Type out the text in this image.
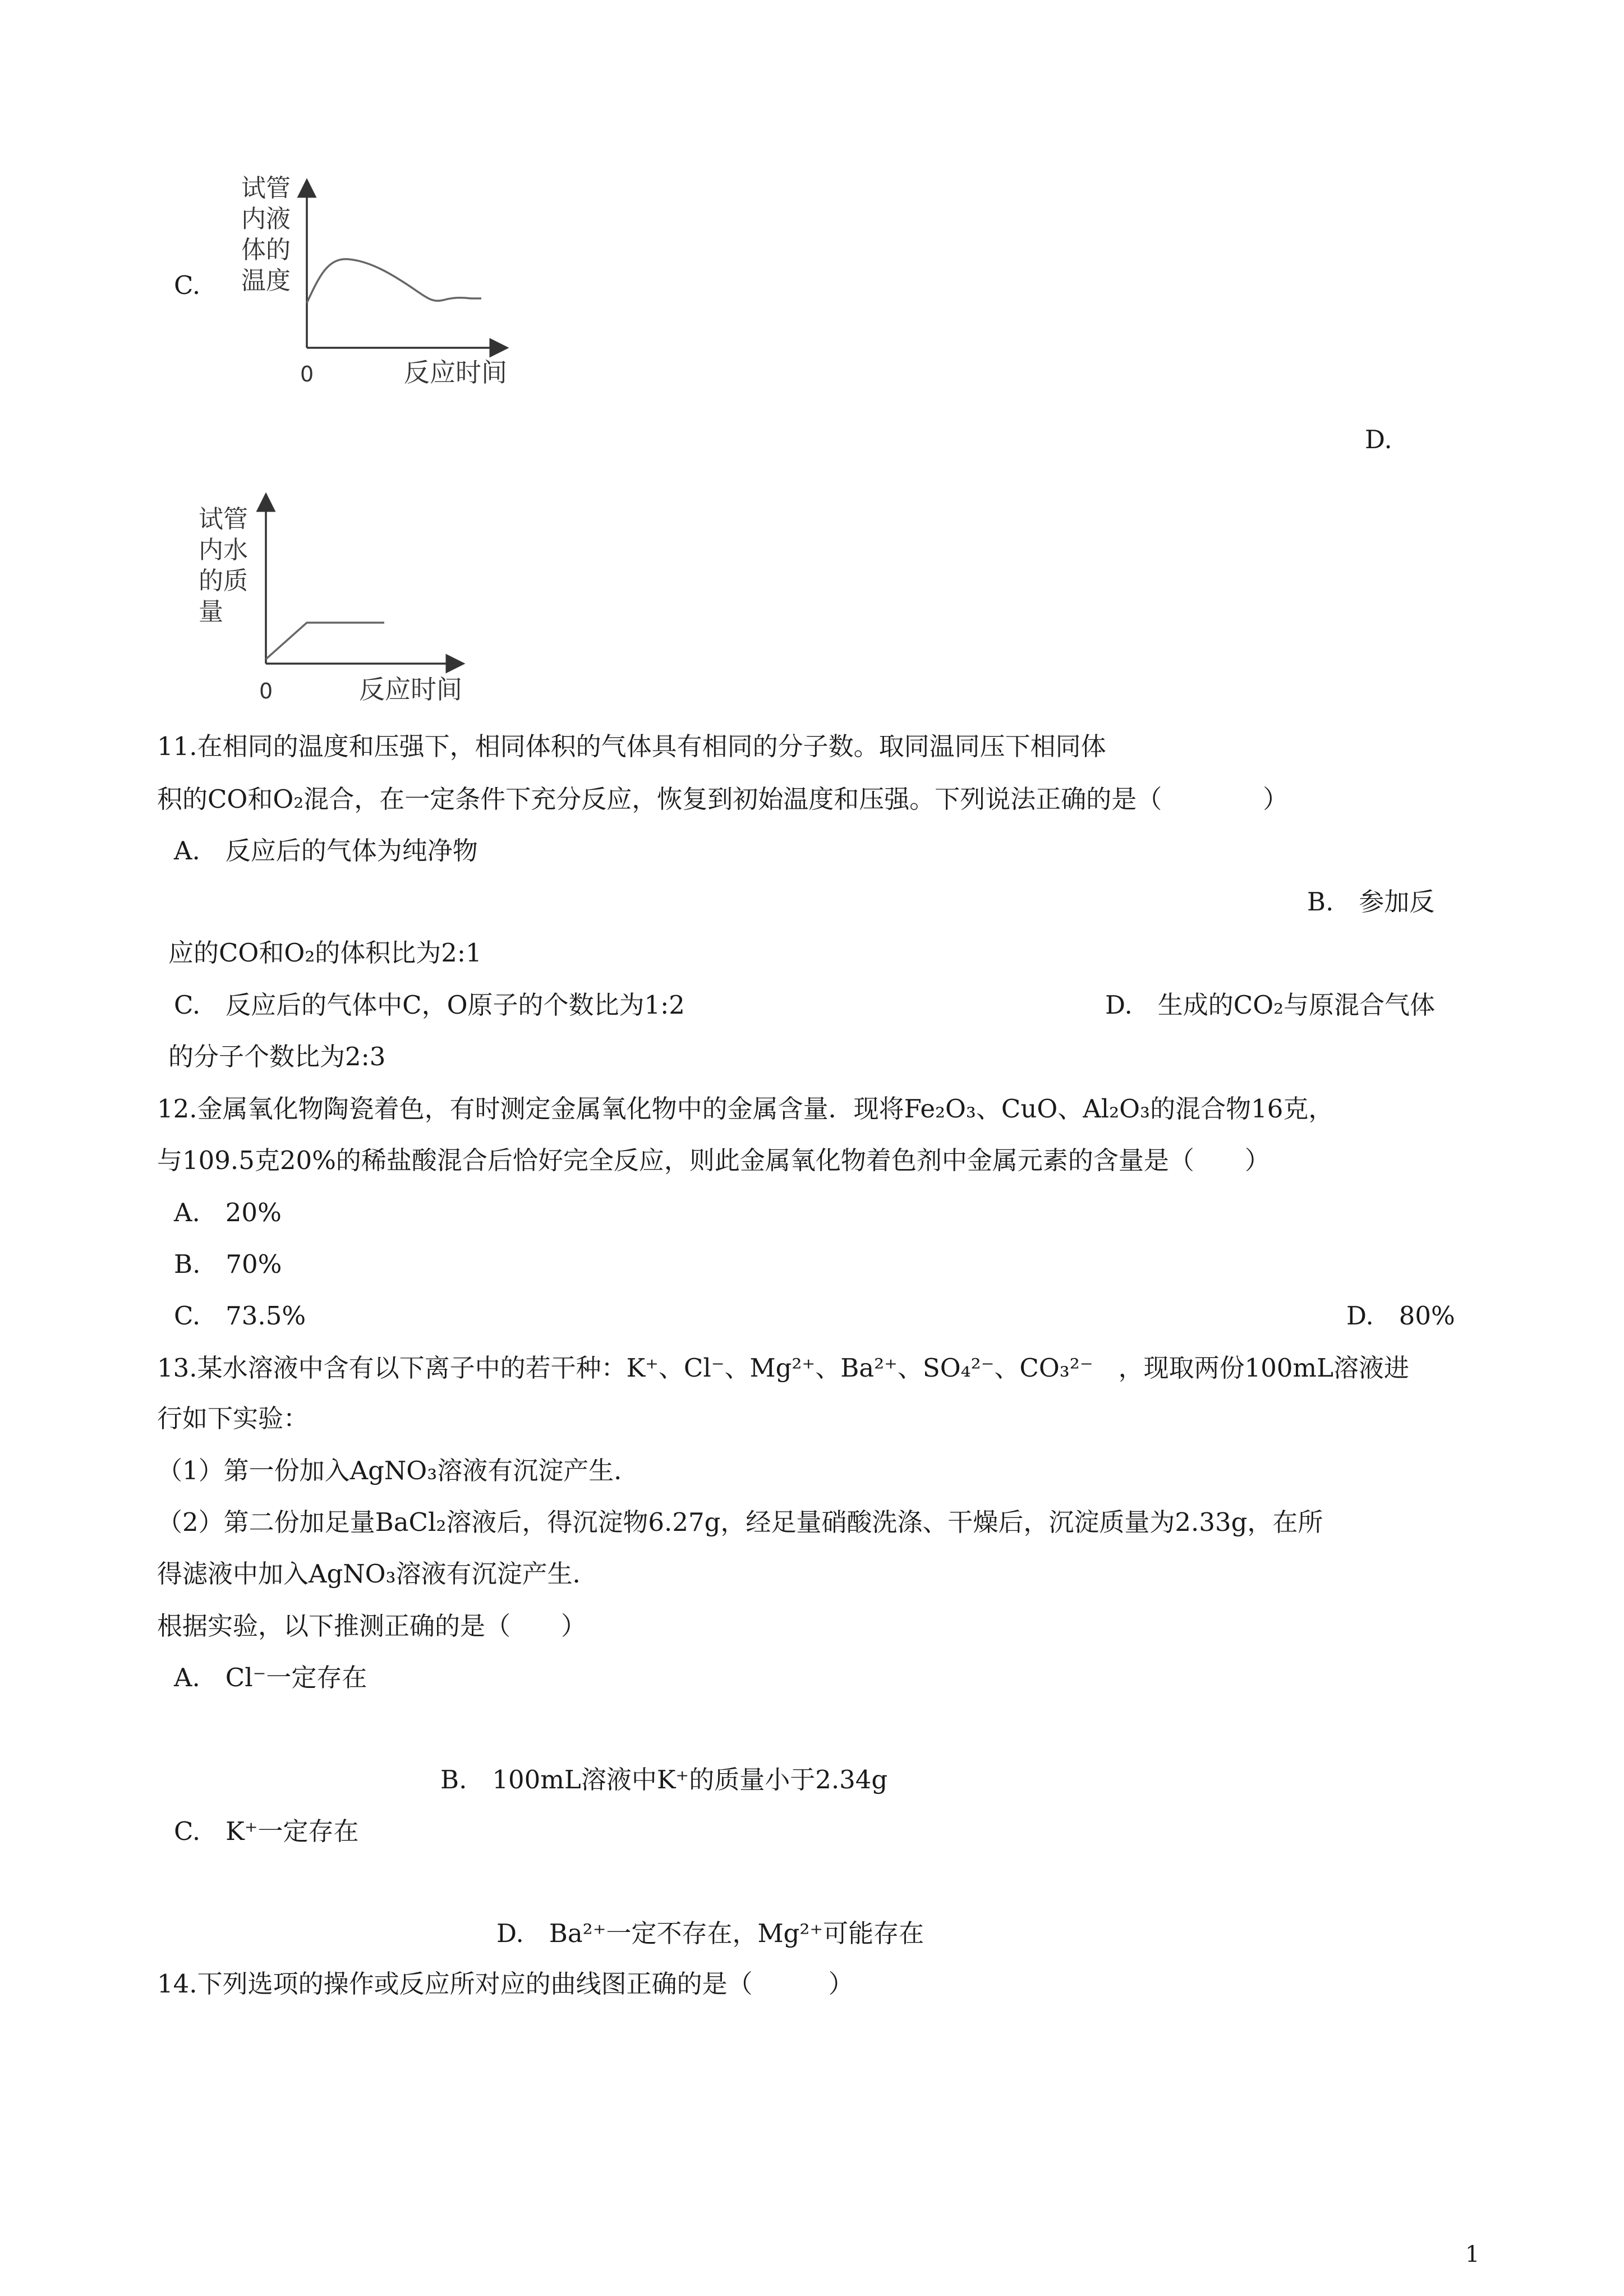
C.
试管
内液
体的
温度
0	反应时间
D.
试管
内水
的质
量
0	反应时间
11.在相同的温度和压强下，相同体积的气体具有相同的分子数。取同温同压下相同体
积的CO和O₂混合，在一定条件下充分反应，恢复到初始温度和压强。下列说法正确的是（　　　　）
A.　反应后的气体为纯净物
B.　参加反
应的CO和O₂的体积比为2:1
C.　反应后的气体中C，O原子的个数比为1:2	D.　生成的CO₂与原混合气体
的分子个数比为2:3
12.金属氧化物陶瓷着色，有时测定金属氧化物中的金属含量．现将Fe₂O₃、CuO、Al₂O₃的混合物16克，
与109.5克20%的稀盐酸混合后恰好完全反应，则此金属氧化物着色剂中金属元素的含量是（　　）
A.　20%
B.　70%
C.　73.5%	D.　80%
13.某水溶液中含有以下离子中的若干种：K⁺、Cl⁻、Mg²⁺、Ba²⁺、SO₄²⁻、CO₃²⁻　，现取两份100mL溶液进
行如下实验：
（1）第一份加入AgNO₃溶液有沉淀产生．
（2）第二份加足量BaCl₂溶液后，得沉淀物6.27g，经足量硝酸洗涤、干燥后，沉淀质量为2.33g，在所
得滤液中加入AgNO₃溶液有沉淀产生．
根据实验，以下推测正确的是（　　）
A.　Cl⁻一定存在
B.　100mL溶液中K⁺的质量小于2.34g
C.　K⁺一定存在
D.　Ba²⁺一定不存在，Mg²⁺可能存在
14.下列选项的操作或反应所对应的曲线图正确的是（　　　）
1
